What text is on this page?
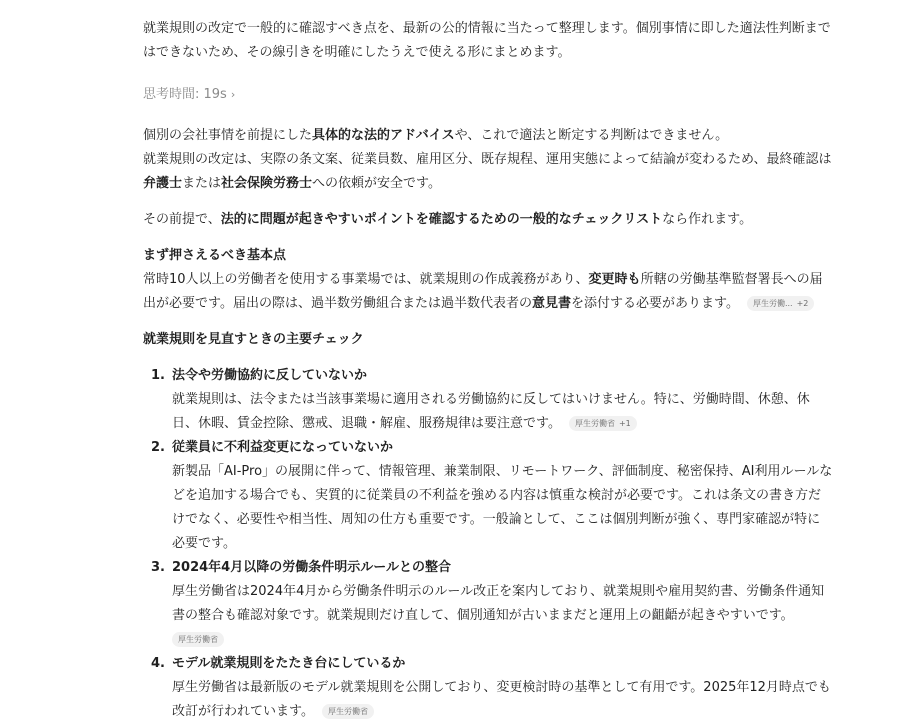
就業規則の改定で一般的に確認すべき点を、最新の公的情報に当たって整理します。個別事情に即した適法性判断まではできないため、その線引きを明確にしたうえで使える形にまとめます。

思考時間: 19s ›

個別の会社事情を前提にした具体的な法的アドバイスや、これで適法と断定する判断はできません。

就業規則の改定は、実際の条文案、従業員数、雇用区分、既存規程、運用実態によって結論が変わるため、最終確認は弁護士または社会保険労務士への依頼が安全です。

その前提で、法的に問題が起きやすいポイントを確認するための一般的なチェックリストなら作れます。

まず押さえるべき基本点

常時10人以上の労働者を使用する事業場では、就業規則の作成義務があり、変更時も所轄の労働基準監督署長への届出が必要です。届出の際は、過半数労働組合または過半数代表者の意見書を添付する必要があります。 厚生労働... +2

就業規則を見直すときの主要チェック

1. 法令や労働協約に反していないか
就業規則は、法令または当該事業場に適用される労働協約に反してはいけません。特に、労働時間、休憩、休日、休暇、賃金控除、懲戒、退職・解雇、服務規律は要注意です。 厚生労働省 +1
2. 従業員に不利益変更になっていないか
新製品「AI-Pro」の展開に伴って、情報管理、兼業制限、リモートワーク、評価制度、秘密保持、AI利用ルールなどを追加する場合でも、実質的に従業員の不利益を強める内容は慎重な検討が必要です。これは条文の書き方だけでなく、必要性や相当性、周知の仕方も重要です。一般論として、ここは個別判断が強く、専門家確認が特に必要です。
3. 2024年4月以降の労働条件明示ルールとの整合
厚生労働省は2024年4月から労働条件明示のルール改正を案内しており、就業規則や雇用契約書、労働条件通知書の整合も確認対象です。就業規則だけ直して、個別通知が古いままだと運用上の齟齬が起きやすいです。
厚生労働省
4. モデル就業規則をたたき台にしているか
厚生労働省は最新版のモデル就業規則を公開しており、変更検討時の基準として有用です。2025年12月時点でも改訂が行われています。 厚生労働省
